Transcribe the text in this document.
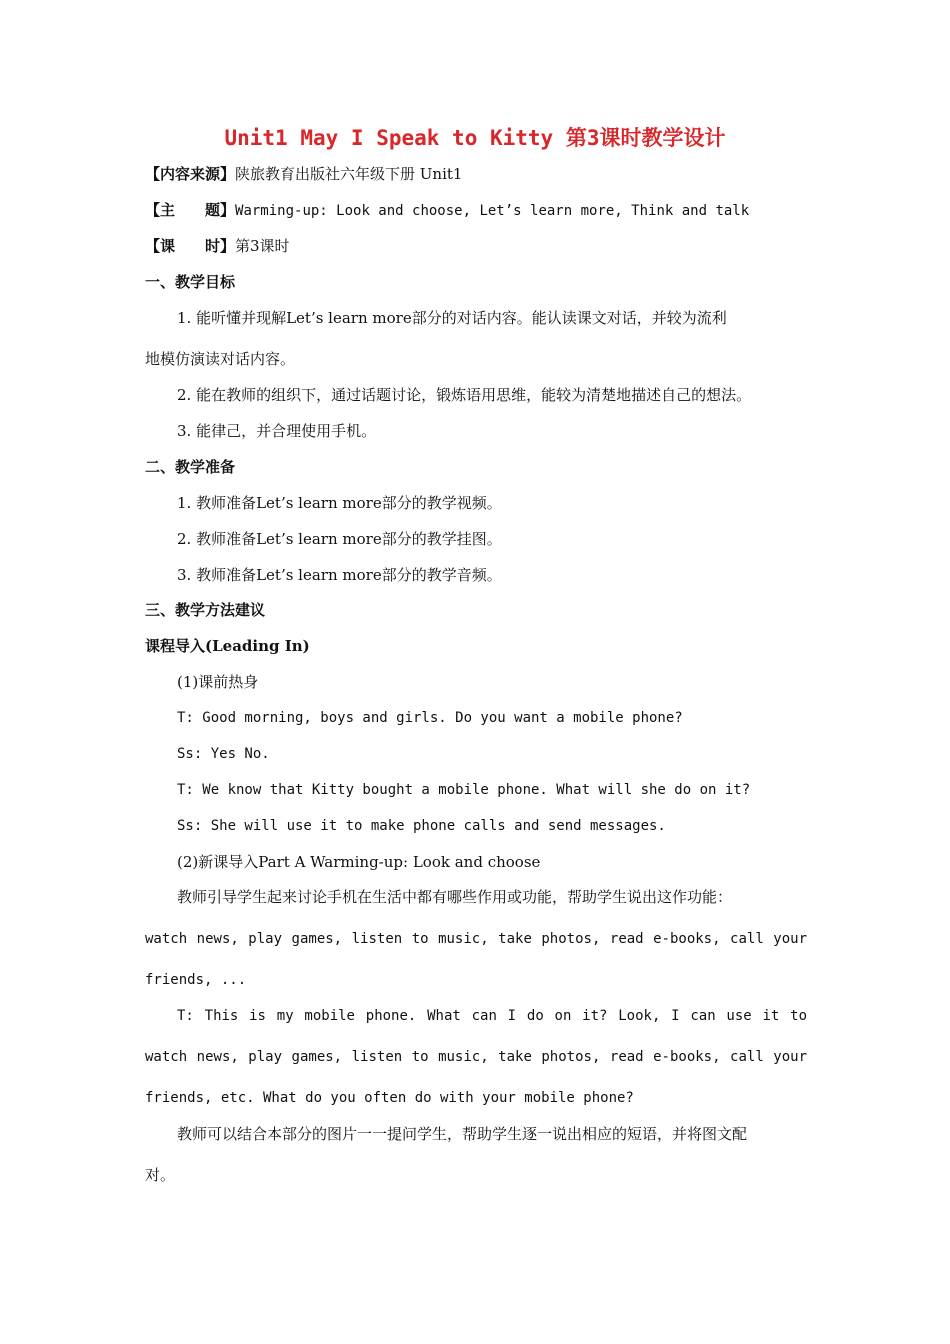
Unit1 May I Speak to Kitty 第3课时教学设计
【内容来源】陕旅教育出版社六年级下册 Unit1
【主　　题】Warming-up: Look and choose, Let’s learn more, Think and talk
【课　　时】第3课时
一、教学目标
1. 能听懂并现解Let’s learn more部分的对话内容。能认读课文对话，并较为流利
地模仿演读对话内容。
2. 能在教师的组织下，通过话题讨论，锻炼语用思维，能较为清楚地描述自己的想法。
3. 能律己，并合理使用手机。
二、教学准备
1. 教师准备Let’s learn more部分的教学视频。
2. 教师准备Let’s learn more部分的教学挂图。
3. 教师准备Let’s learn more部分的教学音频。
三、教学方法建议
课程导入(Leading In)
(1)课前热身
T: Good morning, boys and girls. Do you want a mobile phone?
Ss: Yes No.
T: We know that Kitty bought a mobile phone. What will she do on it?
Ss: She will use it to make phone calls and send messages.
(2)新课导入Part A Warming-up: Look and choose
教师引导学生起来讨论手机在生活中都有哪些作用或功能，帮助学生说出这作功能：
watch news, play games, listen to music, take photos, read e-books, call your
friends, ...
T: This is my mobile phone. What can I do on it? Look, I can use it to
watch news, play games, listen to music, take photos, read e-books, call your
friends, etc. What do you often do with your mobile phone?
教师可以结合本部分的图片一一提问学生，帮助学生逐一说出相应的短语，并将图文配
对。
